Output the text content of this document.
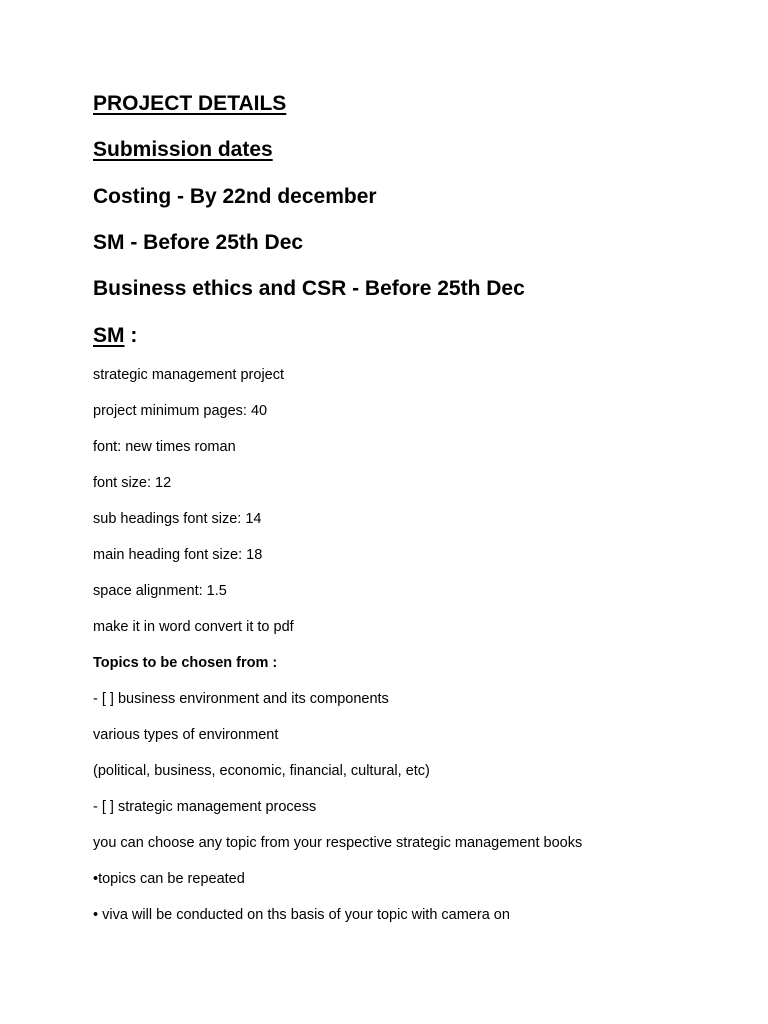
PROJECT DETAILS
Submission dates
Costing - By 22nd december
SM - Before 25th Dec
Business ethics and CSR - Before 25th Dec
SM :
strategic management project
project minimum pages: 40
font: new times roman
font size: 12
sub headings font size: 14
main heading font size: 18
space alignment: 1.5
make it in word convert it to pdf
Topics to be chosen from :
- [ ] business environment and its components
various types of environment
(political, business, economic, financial, cultural, etc)
- [ ] strategic management process
you can choose any topic from your respective strategic management books
•topics can be repeated
• viva will be conducted on ths basis of your topic with camera on
